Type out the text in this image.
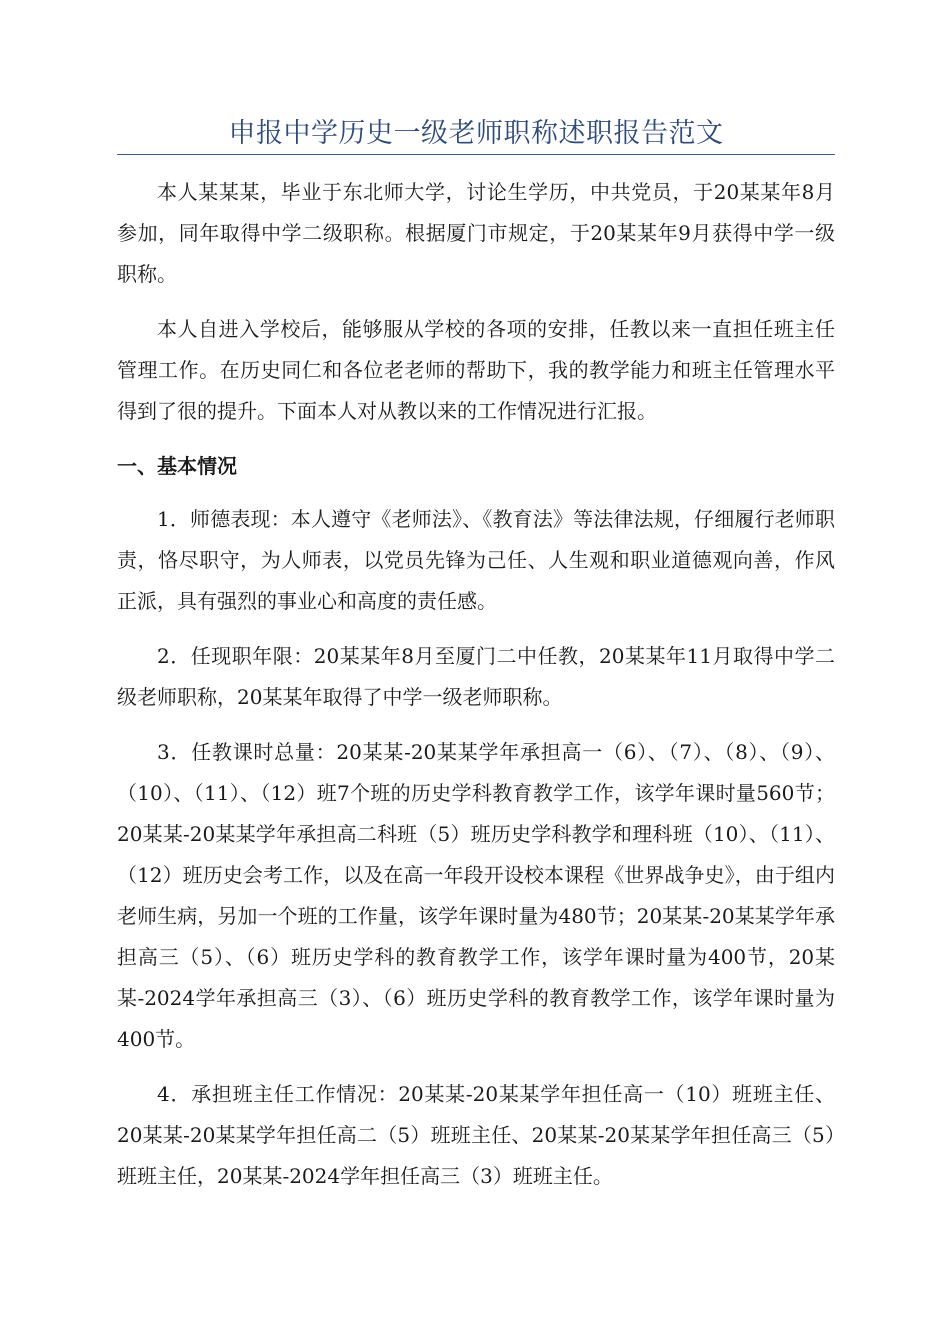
申报中学历史一级老师职称述职报告范文

本人某某某，毕业于东北师大学，讨论生学历，中共党员，于20某某年8月参加，同年取得中学二级职称。根据厦门市规定，于20某某年9月获得中学一级职称。

本人自进入学校后，能够服从学校的各项的安排，任教以来一直担任班主任管理工作。在历史同仁和各位老老师的帮助下，我的教学能力和班主任管理水平得到了很的提升。下面本人对从教以来的工作情况进行汇报。

一、基本情况

1．师德表现：本人遵守《老师法》、《教育法》等法律法规，仔细履行老师职责，恪尽职守，为人师表，以党员先锋为己任、人生观和职业道德观向善，作风正派，具有强烈的事业心和高度的责任感。

2．任现职年限：20某某年8月至厦门二中任教，20某某年11月取得中学二级老师职称，20某某年取得了中学一级老师职称。

3．任教课时总量：20某某-20某某学年承担高一（6）、（7）、（8）、（9）、（10）、（11）、（12）班7个班的历史学科教育教学工作，该学年课时量560节；20某某-20某某学年承担高二科班（5）班历史学科教学和理科班（10）、（11）、（12）班历史会考工作，以及在高一年段开设校本课程《世界战争史》，由于组内老师生病，另加一个班的工作量，该学年课时量为480节；20某某-20某某学年承担高三（5）、（6）班历史学科的教育教学工作，该学年课时量为400节，20某某-2024学年承担高三（3）、（6）班历史学科的教育教学工作，该学年课时量为400节。

4．承担班主任工作情况：20某某-20某某学年担任高一（10）班班主任、20某某-20某某学年担任高二（5）班班主任、20某某-20某某学年担任高三（5）班班主任，20某某-2024学年担任高三（3）班班主任。
